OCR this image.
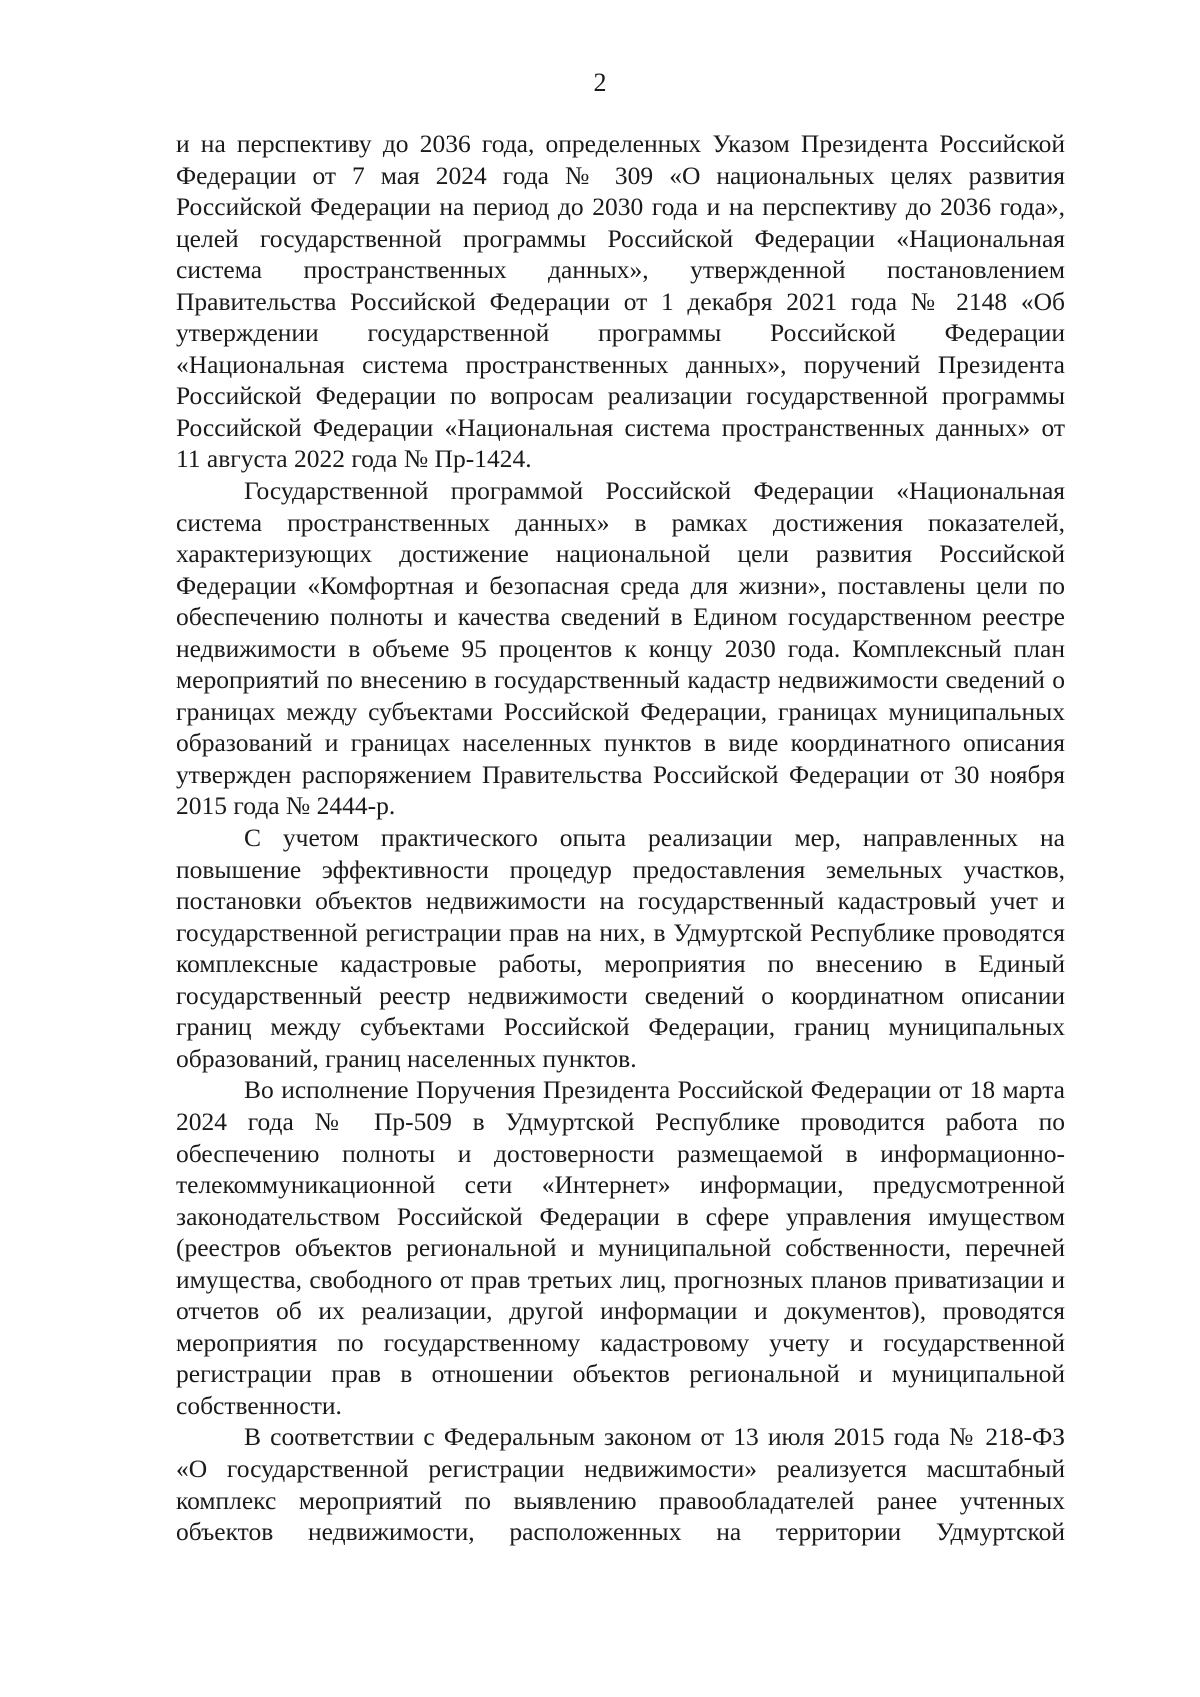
2

и на перспективу до 2036 года, определенных Указом Президента Российской Федерации от 7 мая 2024 года № 309 «О национальных целях развития Российской Федерации на период до 2030 года и на перспективу до 2036 года», целей государственной программы Российской Федерации «Национальная система пространственных данных», утвержденной постановлением Правительства Российской Федерации от 1 декабря 2021 года № 2148 «Об утверждении государственной программы Российской Федерации «Национальная система пространственных данных», поручений Президента Российской Федерации по вопросам реализации государственной программы Российской Федерации «Национальная система пространственных данных» от 11 августа 2022 года № Пр-1424.

Государственной программой Российской Федерации «Национальная система пространственных данных» в рамках достижения показателей, характеризующих достижение национальной цели развития Российской Федерации «Комфортная и безопасная среда для жизни», поставлены цели по обеспечению полноты и качества сведений в Едином государственном реестре недвижимости в объеме 95 процентов к концу 2030 года. Комплексный план мероприятий по внесению в государственный кадастр недвижимости сведений о границах между субъектами Российской Федерации, границах муниципальных образований и границах населенных пунктов в виде координатного описания утвержден распоряжением Правительства Российской Федерации от 30 ноября 2015 года № 2444-р.

С учетом практического опыта реализации мер, направленных на повышение эффективности процедур предоставления земельных участков, постановки объектов недвижимости на государственный кадастровый учет и государственной регистрации прав на них, в Удмуртской Республике проводятся комплексные кадастровые работы, мероприятия по внесению в Единый государственный реестр недвижимости сведений о координатном описании границ между субъектами Российской Федерации, границ муниципальных образований, границ населенных пунктов.

Во исполнение Поручения Президента Российской Федерации от 18 марта 2024 года № Пр-509 в Удмуртской Республике проводится работа по обеспечению полноты и достоверности размещаемой в информационно-телекоммуникационной сети «Интернет» информации, предусмотренной законодательством Российской Федерации в сфере управления имуществом (реестров объектов региональной и муниципальной собственности, перечней имущества, свободного от прав третьих лиц, прогнозных планов приватизации и отчетов об их реализации, другой информации и документов), проводятся мероприятия по государственному кадастровому учету и государственной регистрации прав в отношении объектов региональной и муниципальной собственности.

В соответствии с Федеральным законом от 13 июля 2015 года № 218-ФЗ «О государственной регистрации недвижимости» реализуется масштабный комплекс мероприятий по выявлению правообладателей ранее учтенных объектов недвижимости, расположенных на территории Удмуртской
